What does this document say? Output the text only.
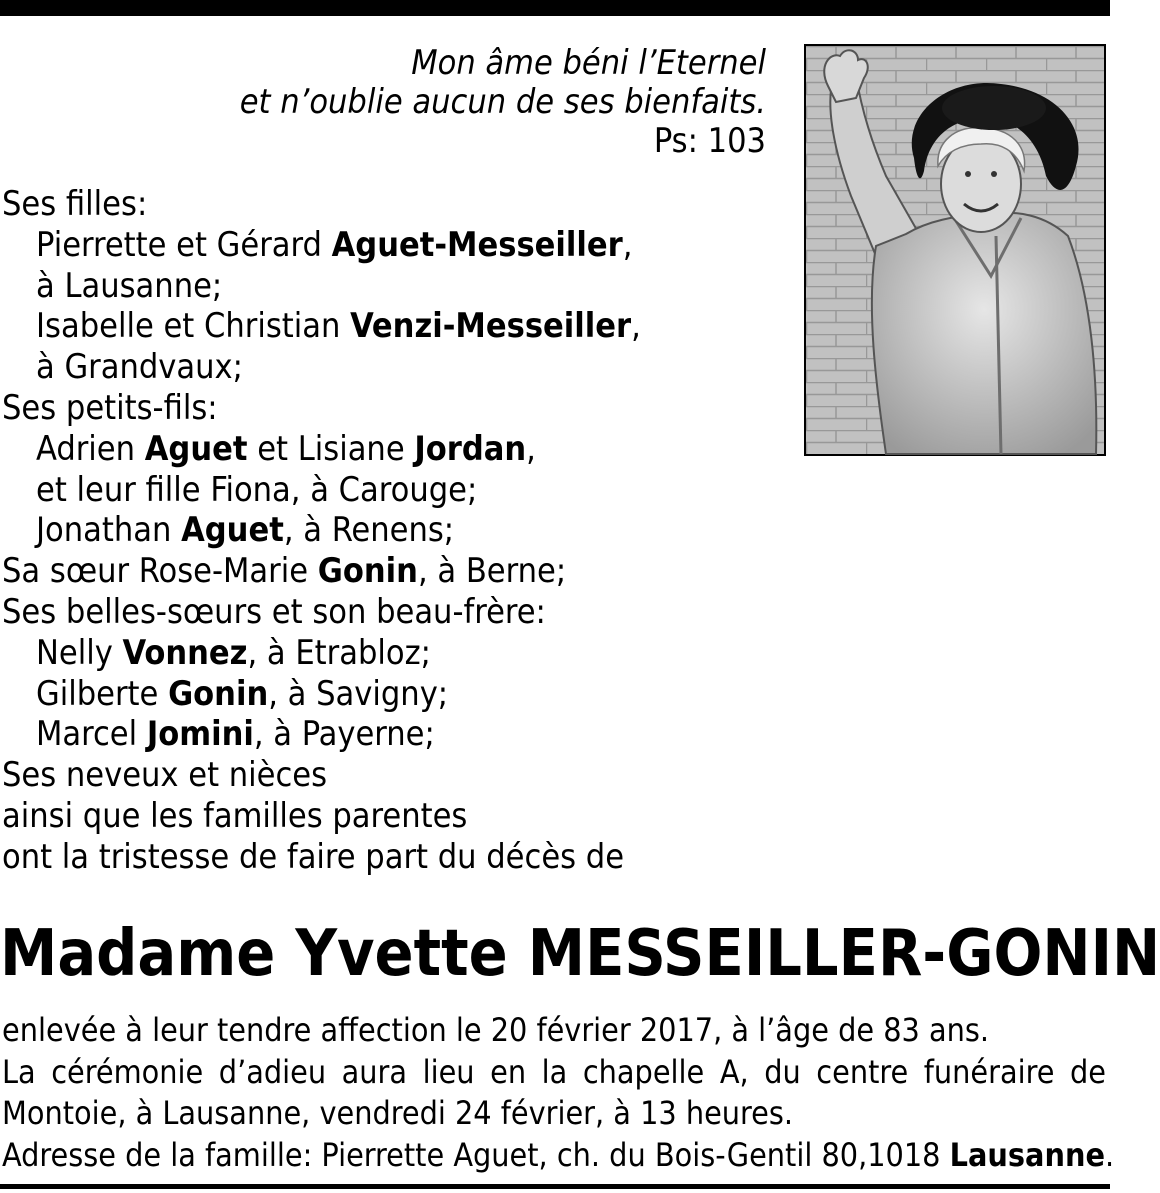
Mon âme béni l’Eternel
et n’oublie aucun de ses bienfaits.
Ps: 103
Ses filles:
Pierrette et Gérard Aguet-Messeiller,
à Lausanne;
Isabelle et Christian Venzi-Messeiller,
à Grandvaux;
Ses petits-fils:
Adrien Aguet et Lisiane Jordan,
et leur fille Fiona, à Carouge;
Jonathan Aguet, à Renens;
Sa sœur Rose-Marie Gonin, à Berne;
Ses belles-sœurs et son beau-frère:
Nelly Vonnez, à Etrabloz;
Gilberte Gonin, à Savigny;
Marcel Jomini, à Payerne;
Ses neveux et nièces
ainsi que les familles parentes
ont la tristesse de faire part du décès de
Madame Yvette MESSEILLER-GONIN
enlevée à leur tendre affection le 20 février 2017, à l’âge de 83 ans.
La cérémonie d’adieu aura lieu en la chapelle A, du centre funéraire de
Montoie, à Lausanne, vendredi 24 février, à 13 heures.
Adresse de la famille: Pierrette Aguet, ch. du Bois-Gentil 80,1018 Lausanne.
